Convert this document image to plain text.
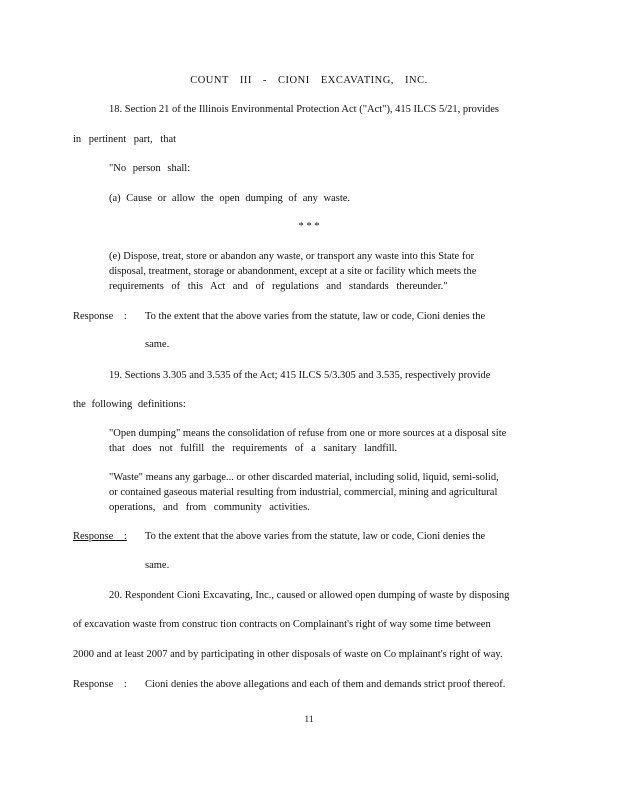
COUNT III - CIONI EXCAVATING, INC.
18. Section 21 of the Illinois Environmental Protection Act ("Act"), 415 ILCS 5/21, provides
in pertinent part, that
"No person shall:
(a) Cause or allow the open dumping of any waste.
* * *
(e) Dispose, treat, store or abandon any waste, or transport any waste into this State for
disposal, treatment, storage or abandonment, except at a site or facility which meets the
requirements of this Act and of regulations and standards thereunder."
Response : To the extent that the above varies from the statute, law or code, Cioni denies the
same.
19. Sections 3.305 and 3.535 of the Act; 415 ILCS 5/3.305 and 3.535, respectively provide
the following definitions:
"Open dumping" means the consolidation of refuse from one or more sources at a disposal site
that does not fulfill the requirements of a sanitary landfill.
"Waste" means any garbage... or other discarded material, including solid, liquid, semi-solid,
or contained gaseous material resulting from industrial, commercial, mining and agricultural
operations, and from community activities.
Response : To the extent that the above varies from the statute, law or code, Cioni denies the
same.
20. Respondent Cioni Excavating, Inc., caused or allowed open dumping of waste by disposing
of excavation waste from construc tion contracts on Complainant's right of way some time between
2000 and at least 2007 and by participating in other disposals of waste on Co mplainant's right of way.
Response : Cioni denies the above allegations and each of them and demands strict proof thereof.
11
